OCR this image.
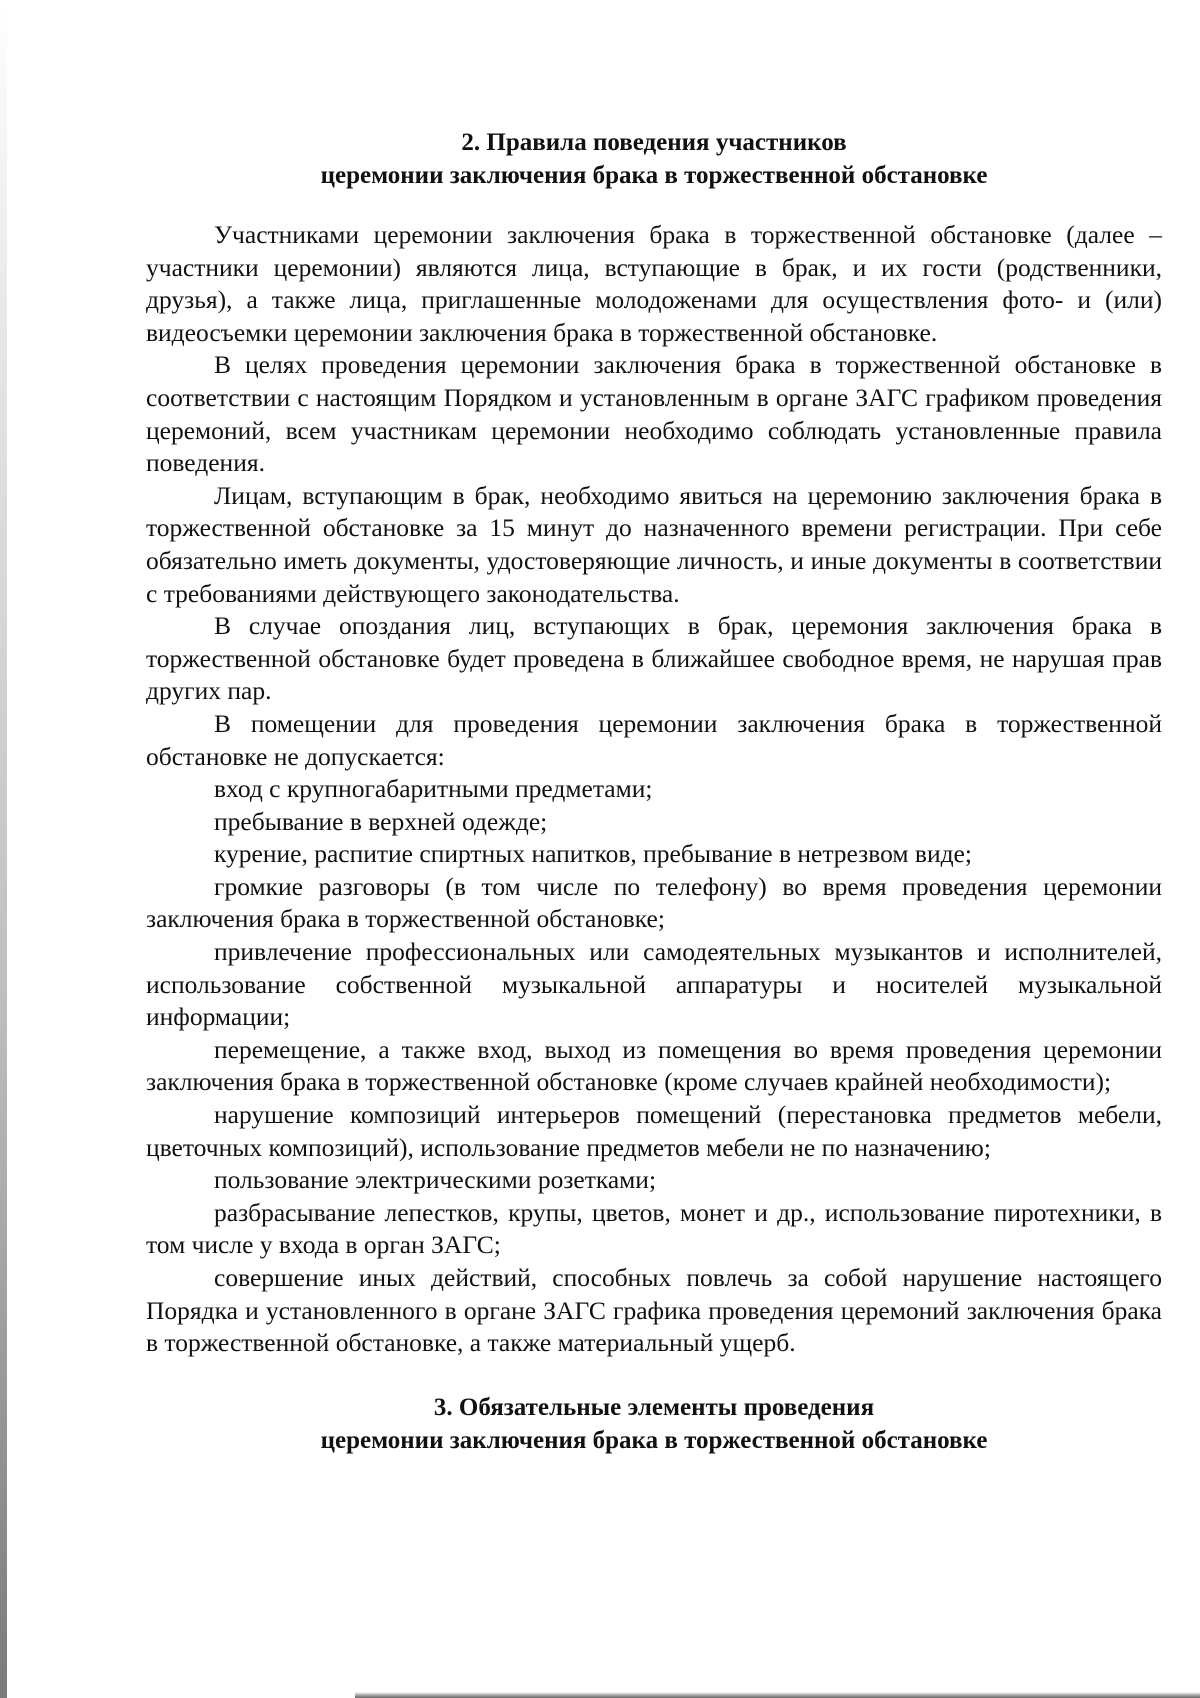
2. Правила поведения участников
церемонии заключения брака в торжественной обстановке

Участниками церемонии заключения брака в торжественной обстановке (далее – участники церемонии) являются лица, вступающие в брак, и их гости (родственники, друзья), а также лица, приглашенные молодоженами для осуществления фото- и (или) видеосъемки церемонии заключения брака в торжественной обстановке.

В целях проведения церемонии заключения брака в торжественной обстановке в соответствии с настоящим Порядком и установленным в органе ЗАГС графиком проведения церемоний, всем участникам церемонии необходимо соблюдать установленные правила поведения.

Лицам, вступающим в брак, необходимо явиться на церемонию заключения брака в торжественной обстановке за 15 минут до назначенного времени регистрации. При себе обязательно иметь документы, удостоверяющие личность, и иные документы в соответствии с требованиями действующего законодательства.

В случае опоздания лиц, вступающих в брак, церемония заключения брака в торжественной обстановке будет проведена в ближайшее свободное время, не нарушая прав других пар.

В помещении для проведения церемонии заключения брака в торжественной обстановке не допускается:

вход с крупногабаритными предметами;

пребывание в верхней одежде;

курение, распитие спиртных напитков, пребывание в нетрезвом виде;

громкие разговоры (в том числе по телефону) во время проведения церемонии заключения брака в торжественной обстановке;

привлечение профессиональных или самодеятельных музыкантов и исполнителей, использование собственной музыкальной аппаратуры и носителей музыкальной информации;

перемещение, а также вход, выход из помещения во время проведения церемонии заключения брака в торжественной обстановке (кроме случаев крайней необходимости);

нарушение композиций интерьеров помещений (перестановка предметов мебели, цветочных композиций), использование предметов мебели не по назначению;

пользование электрическими розетками;

разбрасывание лепестков, крупы, цветов, монет и др., использование пиротехники, в том числе у входа в орган ЗАГС;

совершение иных действий, способных повлечь за собой нарушение настоящего Порядка и установленного в органе ЗАГС графика проведения церемоний заключения брака в торжественной обстановке, а также материальный ущерб.

3. Обязательные элементы проведения
церемонии заключения брака в торжественной обстановке
